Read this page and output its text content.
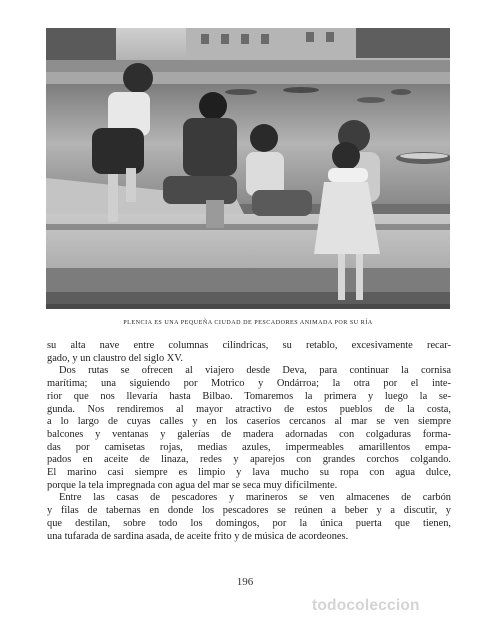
PLENCIA ES UNA PEQUEÑA CIUDAD DE PESCADORES ANIMADA POR SU RÍA
su alta nave entre columnas cilíndricas, su retablo, excesivamente recar-
gado, y un claustro del siglo XV.
Dos rutas se ofrecen al viajero desde Deva, para continuar la cornisa
marítima; una siguiendo por Motrico y Ondárroa; la otra por el inte-
rior que nos llevaría hasta Bilbao. Tomaremos la primera y luego la se-
gunda. Nos rendiremos al mayor atractivo de estos pueblos de la costa,
a lo largo de cuyas calles y en los caseríos cercanos al mar se ven siempre
balcones y ventanas y galerías de madera adornadas con colgaduras forma-
das por camisetas rojas, medias azules, impermeables amarillentos empa-
pados en aceite de linaza, redes y aparejos con grandes corchos colgando.
El marino casi siempre es limpio y lava mucho su ropa con agua dulce,
porque la tela impregnada con agua del mar se seca muy difícilmente.
Entre las casas de pescadores y marineros se ven almacenes de carbón
y filas de tabernas en donde los pescadores se reúnen a beber y a discutir, y
que destilan, sobre todo los domingos, por la única puerta que tienen,
una tufarada de sardina asada, de aceite frito y de música de acordeones.
196
todocoleccion
